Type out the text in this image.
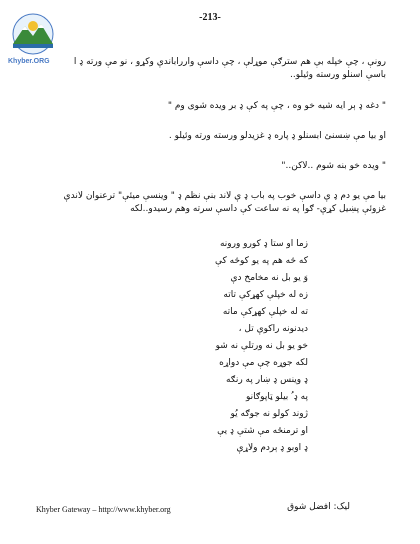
Khyber.ORG
-213-
رونې ، چې خپله بې هم سترګې موړلې ، چې داسې وارراباندې وکړو ، نو مې ورته ډ ا باسې اسنلو ورسته وئيلو..
" دغه ډ ېر ايه شيه خو وه ، چې په کې ډ بر ويده شوی وم "
او بيا مې ښسنئ ابسنلو ډ پاره ډ غزيدلو ورسته ورته وئيلو .
" ويده خو بنه شوم ..لاکن.."
بيا مې يو دم ډ ې داسې خوب په باب ډ ې لاند بنې نظم ډ " وينسې ميئې" ترعنوان لاندې غزوئې پښيل کړې- ګوا په نه ساعت کې داسې سرته وهم رسيدو..لکه
زما او ستا ډ کورو ورونه
که څه هم په يو کوڅه کې
وَ يو بل نه مخامخ دې
زه له خپلې کهړکې تاته
ته له خپلې کهړکې ماته
ديدنونه راکوې تل ،
خو يو بل نه ورتلې نه شو
لکه جوړه چې مې دواړه
ډ وينس ډ ښار په رنګه
په ډ ُ بيلو ټاپوګانو
ژوند کولو نه جوګه يُو
او ترمنځه مې شتې ډ يې
ډ اوبو ډ ېردم ولاړې
Khyber Gateway – http://www.khyber.org	ليک: افضل شوق
